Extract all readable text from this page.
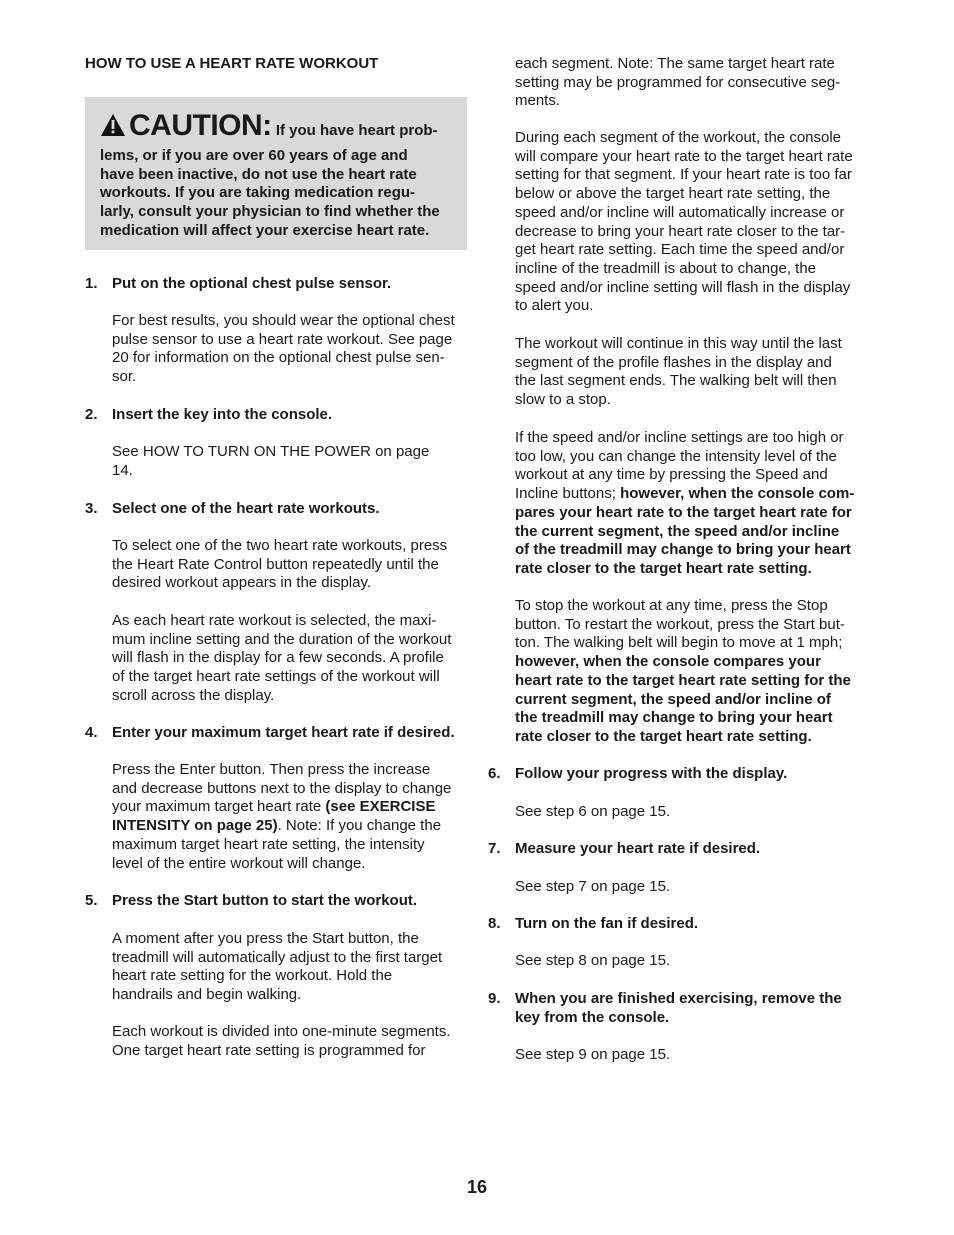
HOW TO USE A HEART RATE WORKOUT
CAUTION: If you have heart prob-
lems, or if you are over 60 years of age and
have been inactive, do not use the heart rate
workouts. If you are taking medication regu-
larly, consult your physician to find whether the
medication will affect your exercise heart rate.
1. Put on the optional chest pulse sensor.
For best results, you should wear the optional chest
pulse sensor to use a heart rate workout. See page
20 for information on the optional chest pulse sen-
sor.
2. Insert the key into the console.
See HOW TO TURN ON THE POWER on page
14.
3. Select one of the heart rate workouts.
To select one of the two heart rate workouts, press
the Heart Rate Control button repeatedly until the
desired workout appears in the display.
As each heart rate workout is selected, the maxi-
mum incline setting and the duration of the workout
will flash in the display for a few seconds. A profile
of the target heart rate settings of the workout will
scroll across the display.
4. Enter your maximum target heart rate if desired.
Press the Enter button. Then press the increase
and decrease buttons next to the display to change
your maximum target heart rate (see EXERCISE
INTENSITY on page 25). Note: If you change the
maximum target heart rate setting, the intensity
level of the entire workout will change.
5. Press the Start button to start the workout.
A moment after you press the Start button, the
treadmill will automatically adjust to the first target
heart rate setting for the workout. Hold the
handrails and begin walking.
Each workout is divided into one-minute segments.
One target heart rate setting is programmed for
each segment. Note: The same target heart rate
setting may be programmed for consecutive seg-
ments.
During each segment of the workout, the console
will compare your heart rate to the target heart rate
setting for that segment. If your heart rate is too far
below or above the target heart rate setting, the
speed and/or incline will automatically increase or
decrease to bring your heart rate closer to the tar-
get heart rate setting. Each time the speed and/or
incline of the treadmill is about to change, the
speed and/or incline setting will flash in the display
to alert you.
The workout will continue in this way until the last
segment of the profile flashes in the display and
the last segment ends. The walking belt will then
slow to a stop.
If the speed and/or incline settings are too high or
too low, you can change the intensity level of the
workout at any time by pressing the Speed and
Incline buttons; however, when the console com-
pares your heart rate to the target heart rate for
the current segment, the speed and/or incline
of the treadmill may change to bring your heart
rate closer to the target heart rate setting.
To stop the workout at any time, press the Stop
button. To restart the workout, press the Start but-
ton. The walking belt will begin to move at 1 mph;
however, when the console compares your
heart rate to the target heart rate setting for the
current segment, the speed and/or incline of
the treadmill may change to bring your heart
rate closer to the target heart rate setting.
6. Follow your progress with the display.
See step 6 on page 15.
7. Measure your heart rate if desired.
See step 7 on page 15.
8. Turn on the fan if desired.
See step 8 on page 15.
9. When you are finished exercising, remove the
key from the console.
See step 9 on page 15.
16
